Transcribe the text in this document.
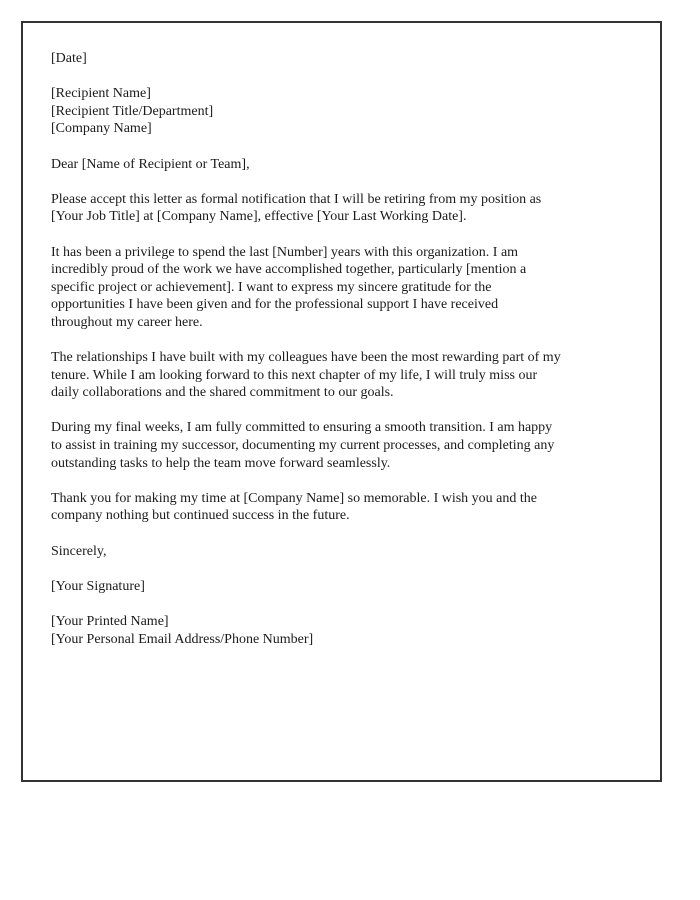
[Date]
[Recipient Name]
[Recipient Title/Department]
[Company Name]
Dear [Name of Recipient or Team],
Please accept this letter as formal notification that I will be retiring from my position as
[Your Job Title] at [Company Name], effective [Your Last Working Date].
It has been a privilege to spend the last [Number] years with this organization. I am
incredibly proud of the work we have accomplished together, particularly [mention a
specific project or achievement]. I want to express my sincere gratitude for the
opportunities I have been given and for the professional support I have received
throughout my career here.
The relationships I have built with my colleagues have been the most rewarding part of my
tenure. While I am looking forward to this next chapter of my life, I will truly miss our
daily collaborations and the shared commitment to our goals.
During my final weeks, I am fully committed to ensuring a smooth transition. I am happy
to assist in training my successor, documenting my current processes, and completing any
outstanding tasks to help the team move forward seamlessly.
Thank you for making my time at [Company Name] so memorable. I wish you and the
company nothing but continued success in the future.
Sincerely,
[Your Signature]
[Your Printed Name]
[Your Personal Email Address/Phone Number]
